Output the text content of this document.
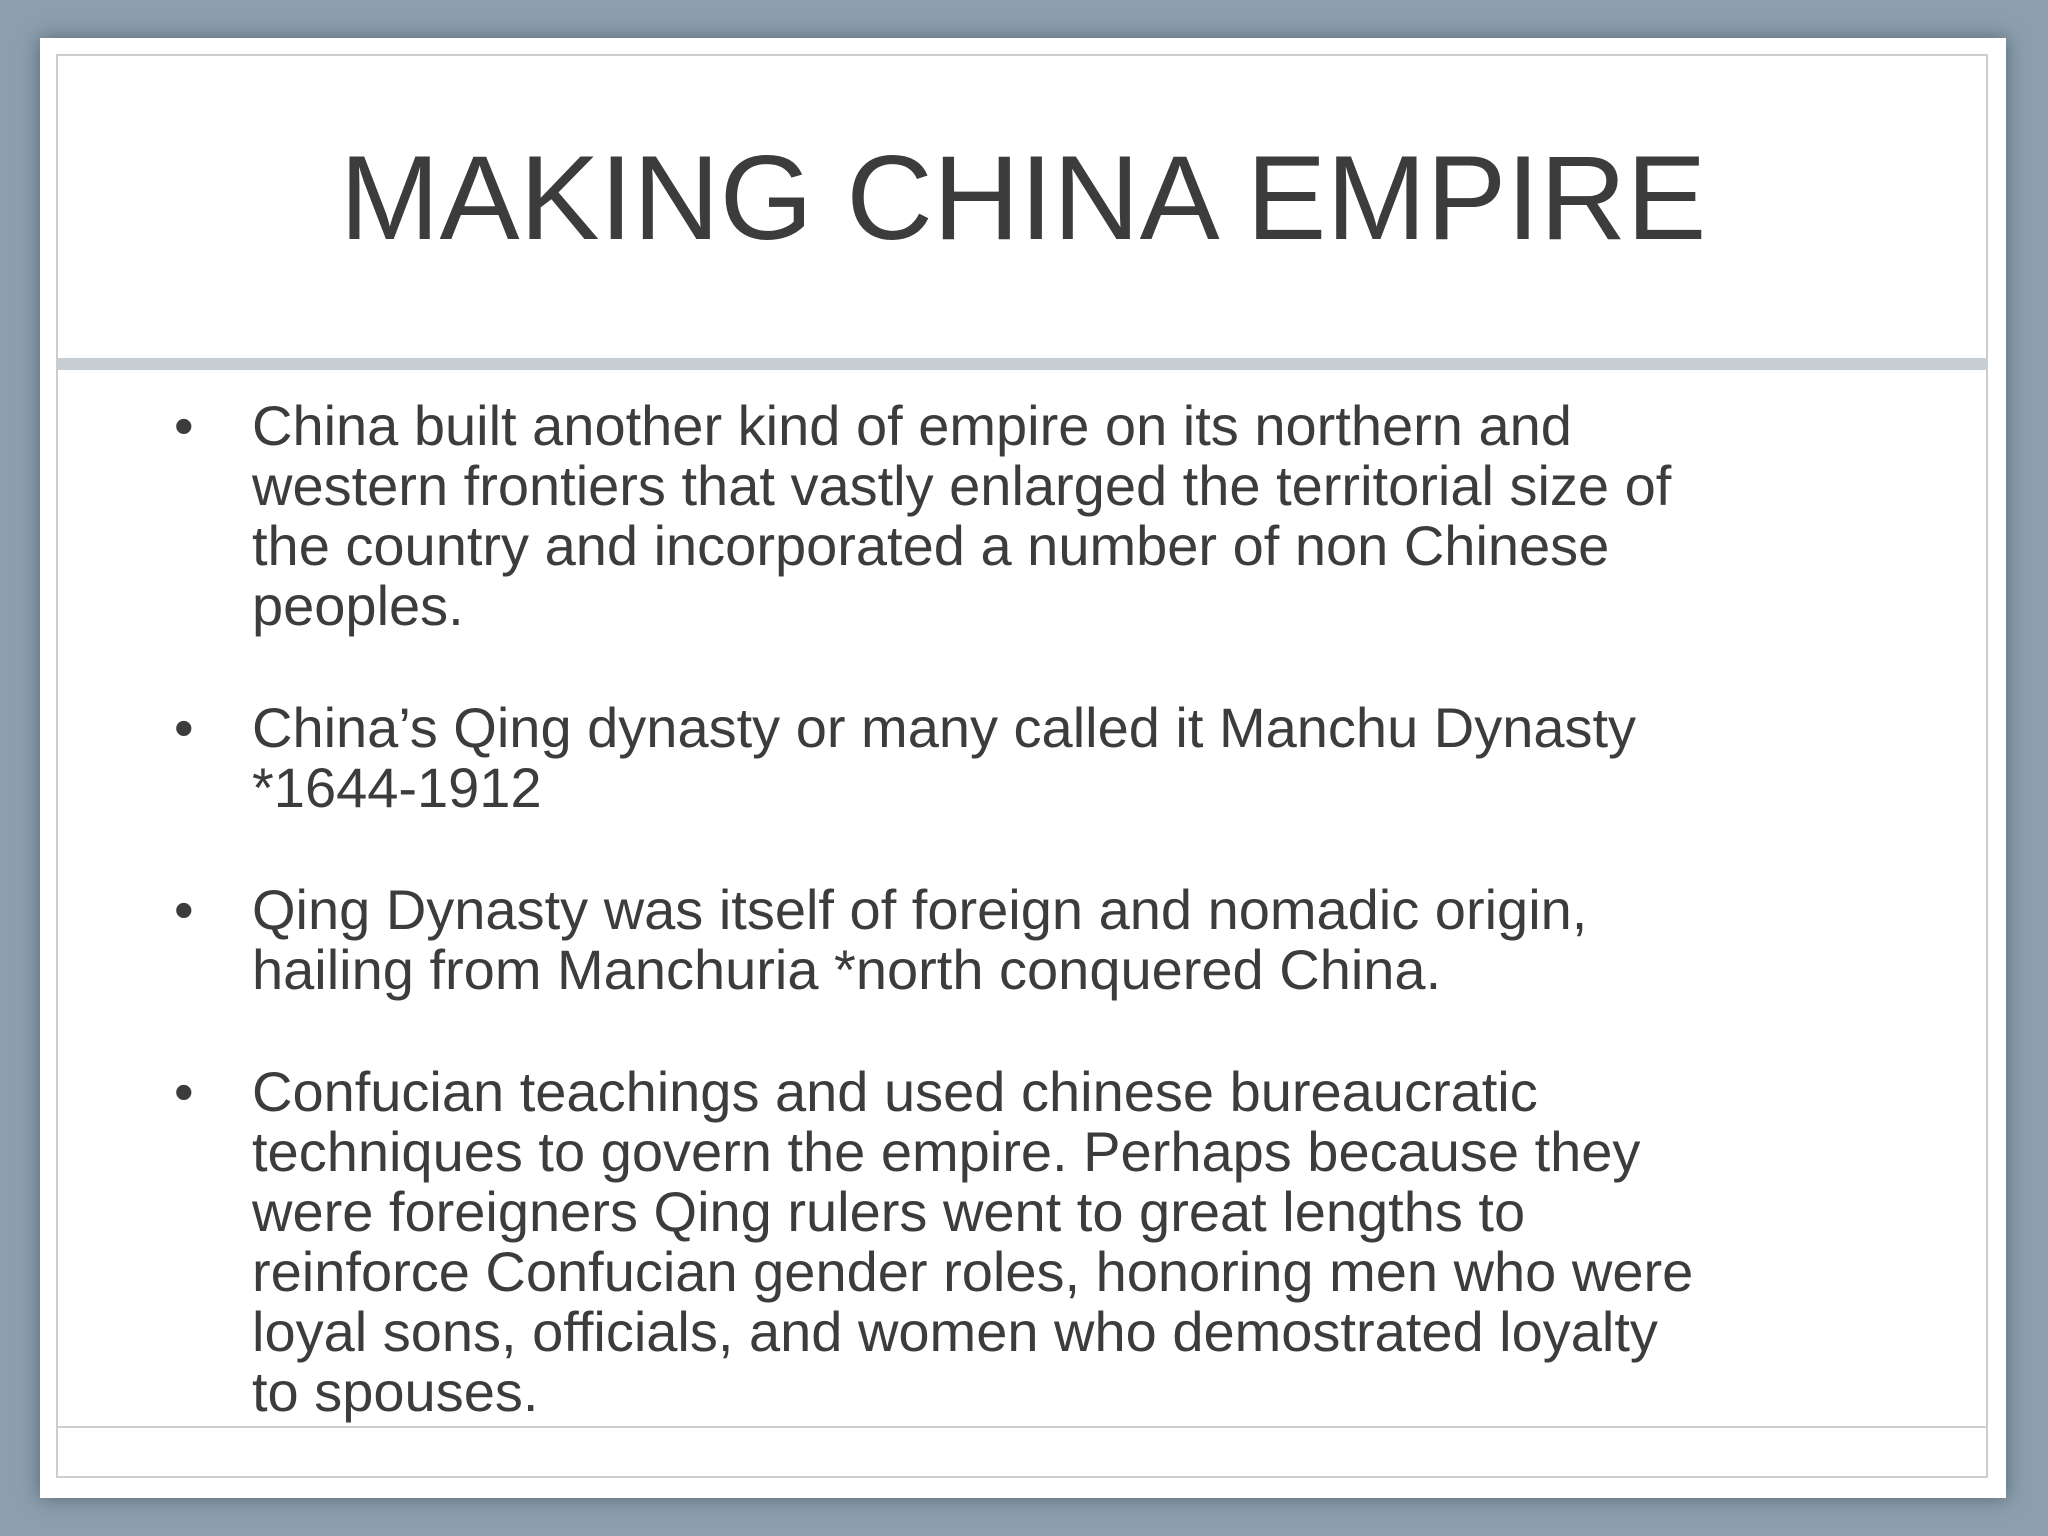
MAKING CHINA EMPIRE
• China built another kind of empire on its northern and
western frontiers that vastly enlarged the territorial size of
the country and incorporated a number of non Chinese
peoples.
• China’s Qing dynasty or many called it Manchu Dynasty
*1644-1912
• Qing Dynasty was itself of foreign and nomadic origin,
hailing from Manchuria *north conquered China.
• Confucian teachings and used chinese bureaucratic
techniques to govern the empire. Perhaps because they
were foreigners Qing rulers went to great lengths to
reinforce Confucian gender roles, honoring men who were
loyal sons, officials, and women who demostrated loyalty
to spouses.
